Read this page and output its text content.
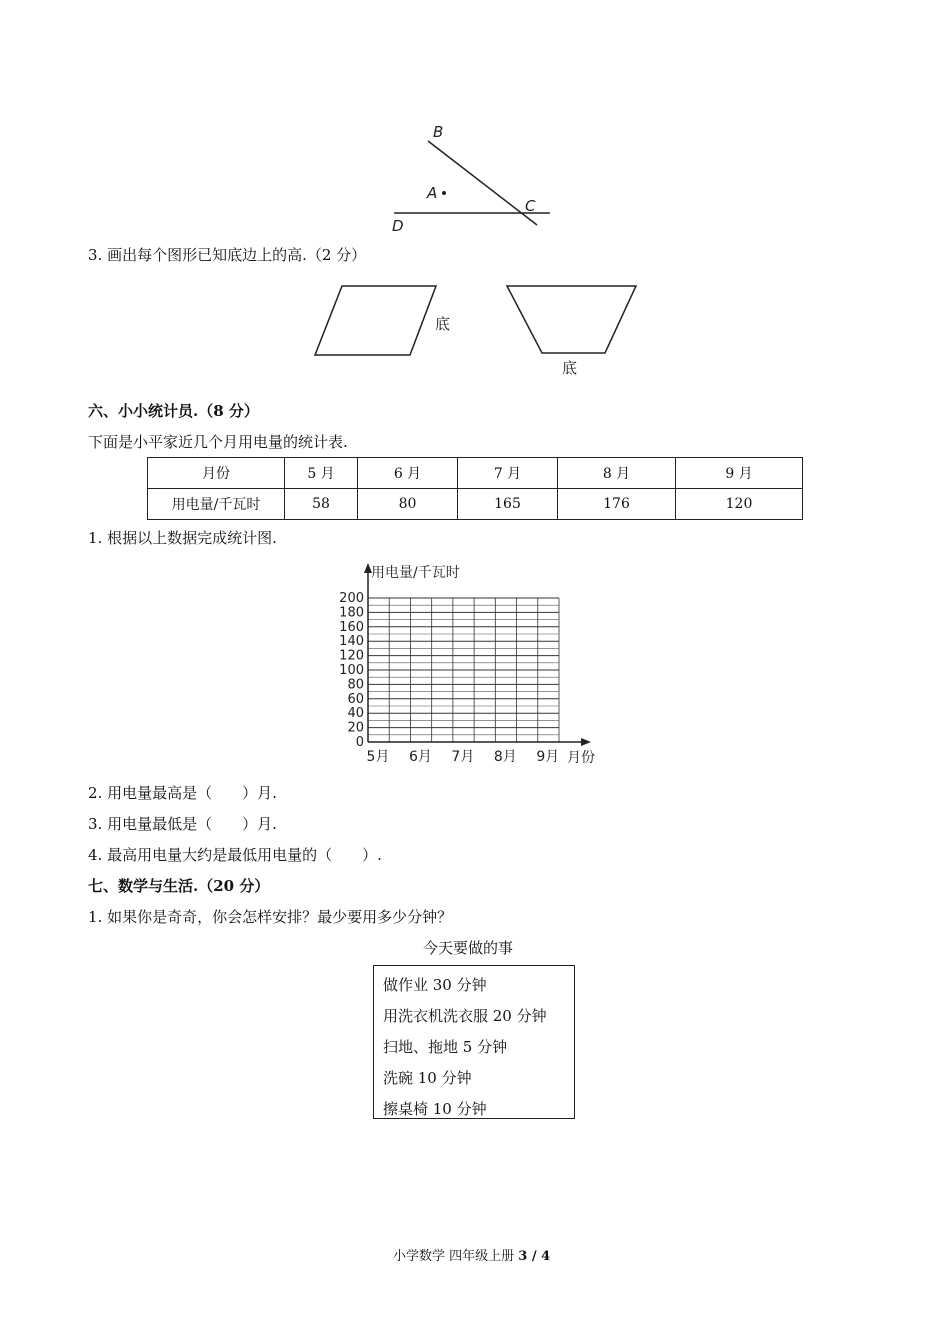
B
A
C
D
3. 画出每个图形已知底边上的高.（2 分）
底
底
六、小小统计员.（8 分）
下面是小平家近几个月用电量的统计表.
月份	5 月	6 月	7 月	8 月	9 月
用电量/千瓦时	58	80	165	176	120
1. 根据以上数据完成统计图.
0
20
40
60
80
100
120
140
160
180
200
5月 6月 7月 8月 9月
用电量/千瓦时
月份
2. 用电量最高是（　　）月.
3. 用电量最低是（　　）月.
4. 最高用电量大约是最低用电量的（　　）.
七、数学与生活.（20 分）
1. 如果你是奇奇，你会怎样安排？最少要用多少分钟？
今天要做的事
做作业 30 分钟
用洗衣机洗衣服 20 分钟
扫地、拖地 5 分钟
洗碗 10 分钟
擦桌椅 10 分钟
小学数学 四年级上册 3 / 4
